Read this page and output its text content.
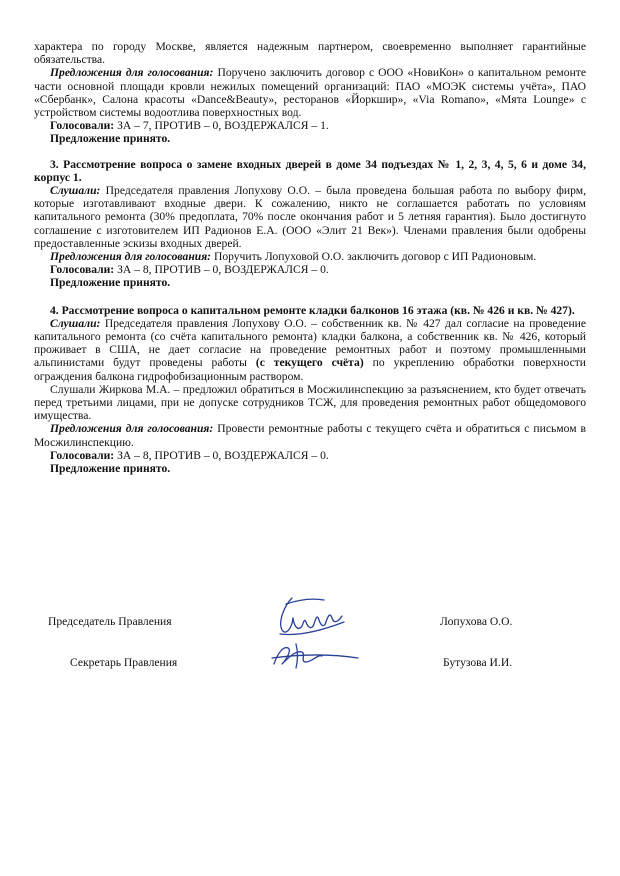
характера по городу Москве, является надежным партнером, своевременно выполняет гарантийные обязательства.

Предложения для голосования: Поручено заключить договор с ООО «НовиКон» о капитальном ремонте части основной площади кровли нежилых помещений организаций: ПАО «МОЭК системы учёта», ПАО «Сбербанк», Салона красоты «Dance&Beauty», ресторанов «Йоркшир», «Via Romano», «Мята Lounge» с устройством системы водоотлива поверхностных вод.

Голосовали: ЗА – 7, ПРОТИВ – 0, ВОЗДЕРЖАЛСЯ – 1.

Предложение принято.

3. Рассмотрение вопроса о замене входных дверей в доме 34 подъездах № 1, 2, 3, 4, 5, 6 и доме 34, корпус 1.

Слушали: Председателя правления Лопухову О.О. – была проведена большая работа по выбору фирм, которые изготавливают входные двери. К сожалению, никто не соглашается работать по условиям капитального ремонта (30% предоплата, 70% после окончания работ и 5 летняя гарантия). Было достигнуто соглашение с изготовителем ИП Радионов Е.А. (ООО «Элит 21 Век»). Членами правления были одобрены предоставленные эскизы входных дверей.

Предложения для голосования: Поручить Лопуховой О.О. заключить договор с ИП Радионовым.

Голосовали: ЗА – 8, ПРОТИВ – 0, ВОЗДЕРЖАЛСЯ – 0.

Предложение принято.

4. Рассмотрение вопроса о капитальном ремонте кладки балконов 16 этажа (кв. № 426 и кв. № 427).

Слушали: Председателя правления Лопухову О.О. – собственник кв. № 427 дал согласие на проведение капитального ремонта (со счёта капитального ремонта) кладки балкона, а собственник кв. № 426, который проживает в США, не дает согласие на проведение ремонтных работ и поэтому промышленными альпинистами будут проведены работы (с текущего счёта) по укреплению обработки поверхности ограждения балкона гидрофобизационным раствором.

Слушали Жиркова М.А. – предложил обратиться в Мосжилинспекцию за разъяснением, кто будет отвечать перед третьими лицами, при не допуске сотрудников ТСЖ, для проведения ремонтных работ общедомового имущества.

Предложения для голосования: Провести ремонтные работы с текущего счёта и обратиться с письмом в Мосжилинспекцию.

Голосовали: ЗА – 8, ПРОТИВ – 0, ВОЗДЕРЖАЛСЯ – 0.

Предложение принято.

Председатель Правления	Лопухова О.О.
Секретарь Правления	Бутузова И.И.
